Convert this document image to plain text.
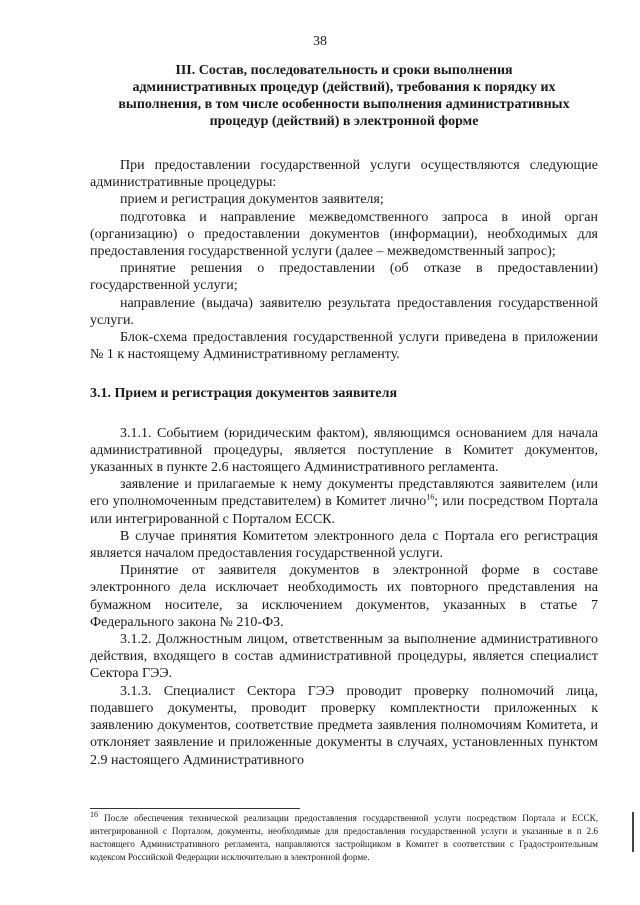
38
III. Состав, последовательность и сроки выполнения
административных процедур (действий), требования к порядку их
выполнения, в том числе особенности выполнения административных
процедур (действий) в электронной форме

При предоставлении государственной услуги осуществляются следующие административные процедуры:

прием и регистрация документов заявителя;

подготовка и направление межведомственного запроса в иной орган (организацию) о предоставлении документов (информации), необходимых для предоставления государственной услуги (далее – межведомственный запрос);

принятие решения о предоставлении (об отказе в предоставлении) государственной услуги;

направление (выдача) заявителю результата предоставления государственной услуги.

Блок-схема предоставления государственной услуги приведена в приложении № 1 к настоящему Административному регламенту.

3.1. Прием и регистрация документов заявителя

3.1.1. Событием (юридическим фактом), являющимся основанием для начала административной процедуры, является поступление в Комитет документов, указанных в пункте 2.6 настоящего Административного регламента.

заявление и прилагаемые к нему документы представляются заявителем (или его уполномоченным представителем) в Комитет лично$^{16}$; или посредством Портала или интегрированной с Порталом ЕССК.

В случае принятия Комитетом электронного дела с Портала его регистрация является началом предоставления государственной услуги.

Принятие от заявителя документов в электронной форме в составе электронного дела исключает необходимость их повторного представления на бумажном носителе, за исключением документов, указанных в статье 7 Федерального закона № 210-ФЗ.

3.1.2. Должностным лицом, ответственным за выполнение административного действия, входящего в состав административной процедуры, является специалист Сектора ГЭЭ.

3.1.3. Специалист Сектора ГЭЭ проводит проверку полномочий лица, подавшего документы, проводит проверку комплектности приложенных к заявлению документов, соответствие предмета заявления полномочиям Комитета, и отклоняет заявление и приложенные документы в случаях, установленных пунктом 2.9 настоящего Административного

$^{16}$ После обеспечения технической реализации предоставления государственной услуги посредством Портала и ЕССК, интегрированной с Порталом, документы, необходимые для предоставления государственной услуги и указанные в п 2.6 настоящего Административного регламента, направляются застройщиком в Комитет в соответствии с Градостроительным кодексом Российской Федерации исключительно в электронной форме.
